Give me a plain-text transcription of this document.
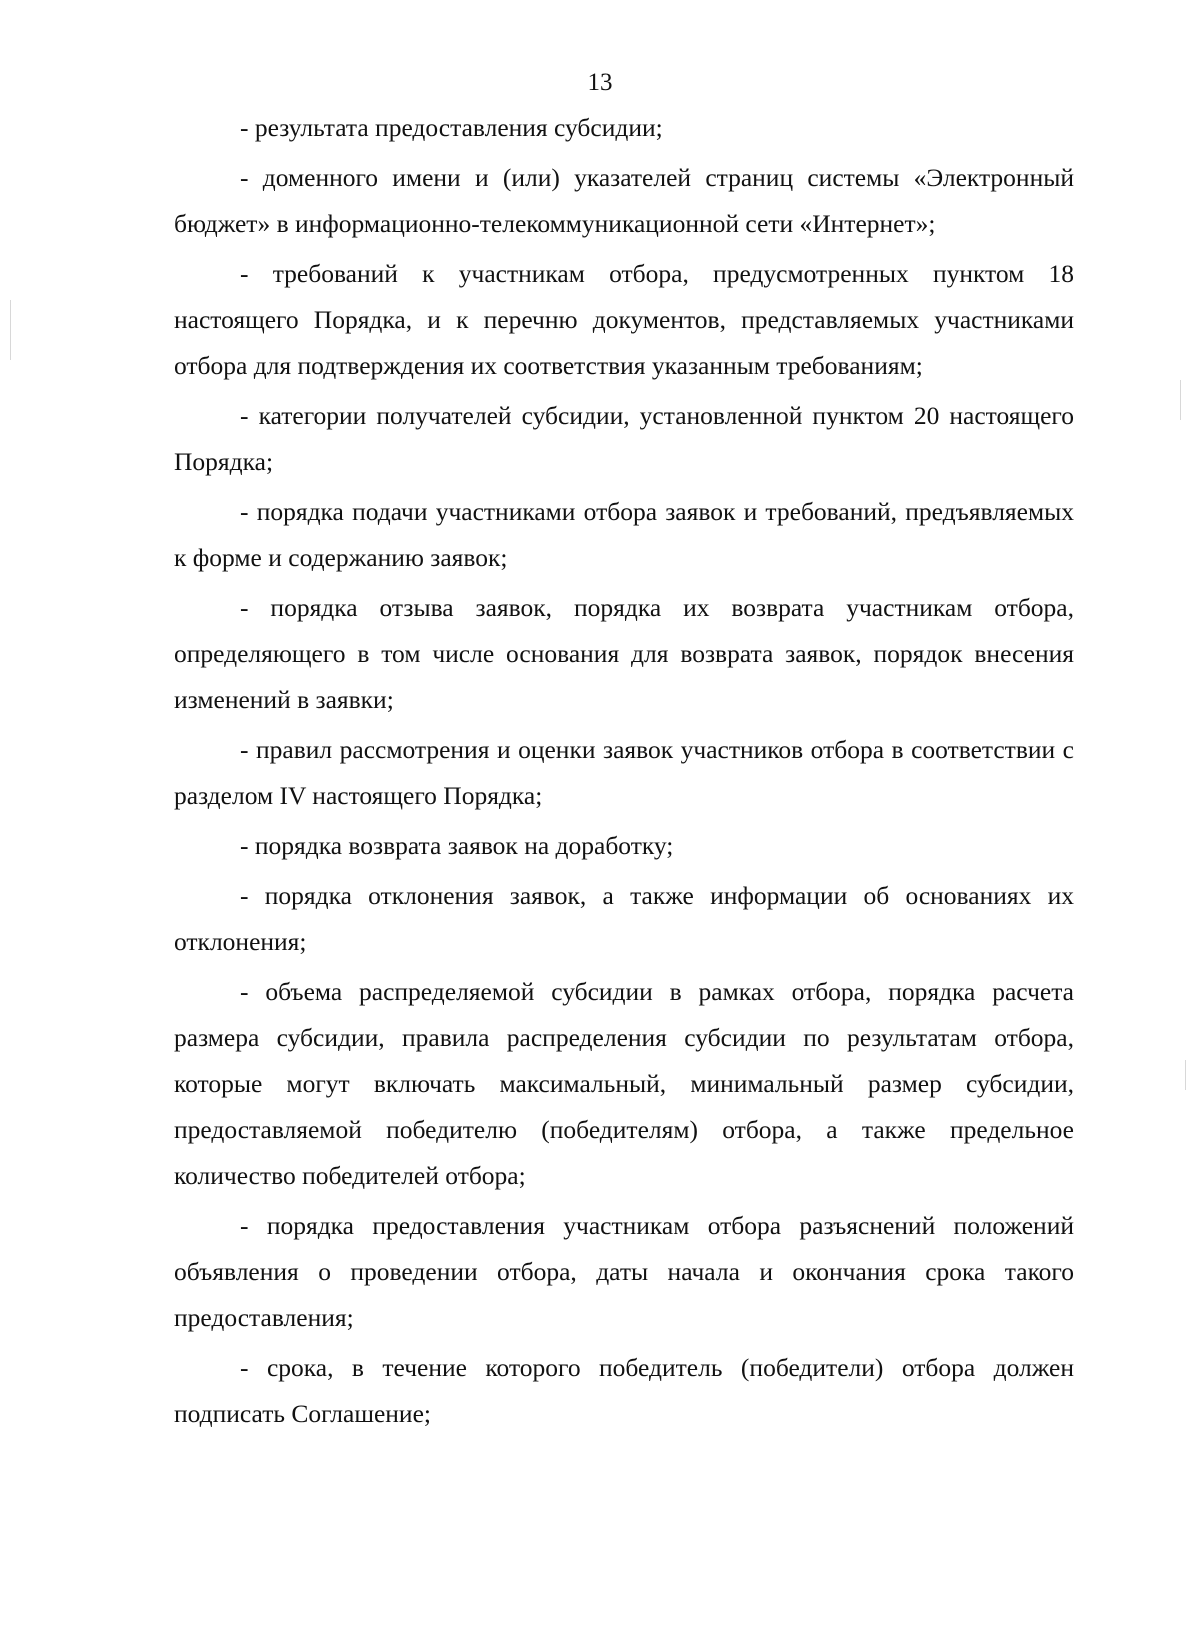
13

- результата предоставления субсидии;

- доменного имени и (или) указателей страниц системы «Электронный бюджет» в информационно-телекоммуникационной сети «Интернет»;

- требований к участникам отбора, предусмотренных пунктом 18 настоящего Порядка, и к перечню документов, представляемых участниками отбора для подтверждения их соответствия указанным требованиям;

- категории получателей субсидии, установленной пунктом 20 настоящего Порядка;

- порядка подачи участниками отбора заявок и требований, предъявляемых к форме и содержанию заявок;

- порядка отзыва заявок, порядка их возврата участникам отбора, определяющего в том числе основания для возврата заявок, порядок внесения изменений в заявки;

- правил рассмотрения и оценки заявок участников отбора в соответствии с разделом IV настоящего Порядка;

- порядка возврата заявок на доработку;

- порядка отклонения заявок, а также информации об основаниях их отклонения;

- объема распределяемой субсидии в рамках отбора, порядка расчета размера субсидии, правила распределения субсидии по результатам отбора, которые могут включать максимальный, минимальный размер субсидии, предоставляемой победителю (победителям) отбора, а также предельное количество победителей отбора;

- порядка предоставления участникам отбора разъяснений положений объявления о проведении отбора, даты начала и окончания срока такого предоставления;

- срока, в течение которого победитель (победители) отбора должен подписать Соглашение;
